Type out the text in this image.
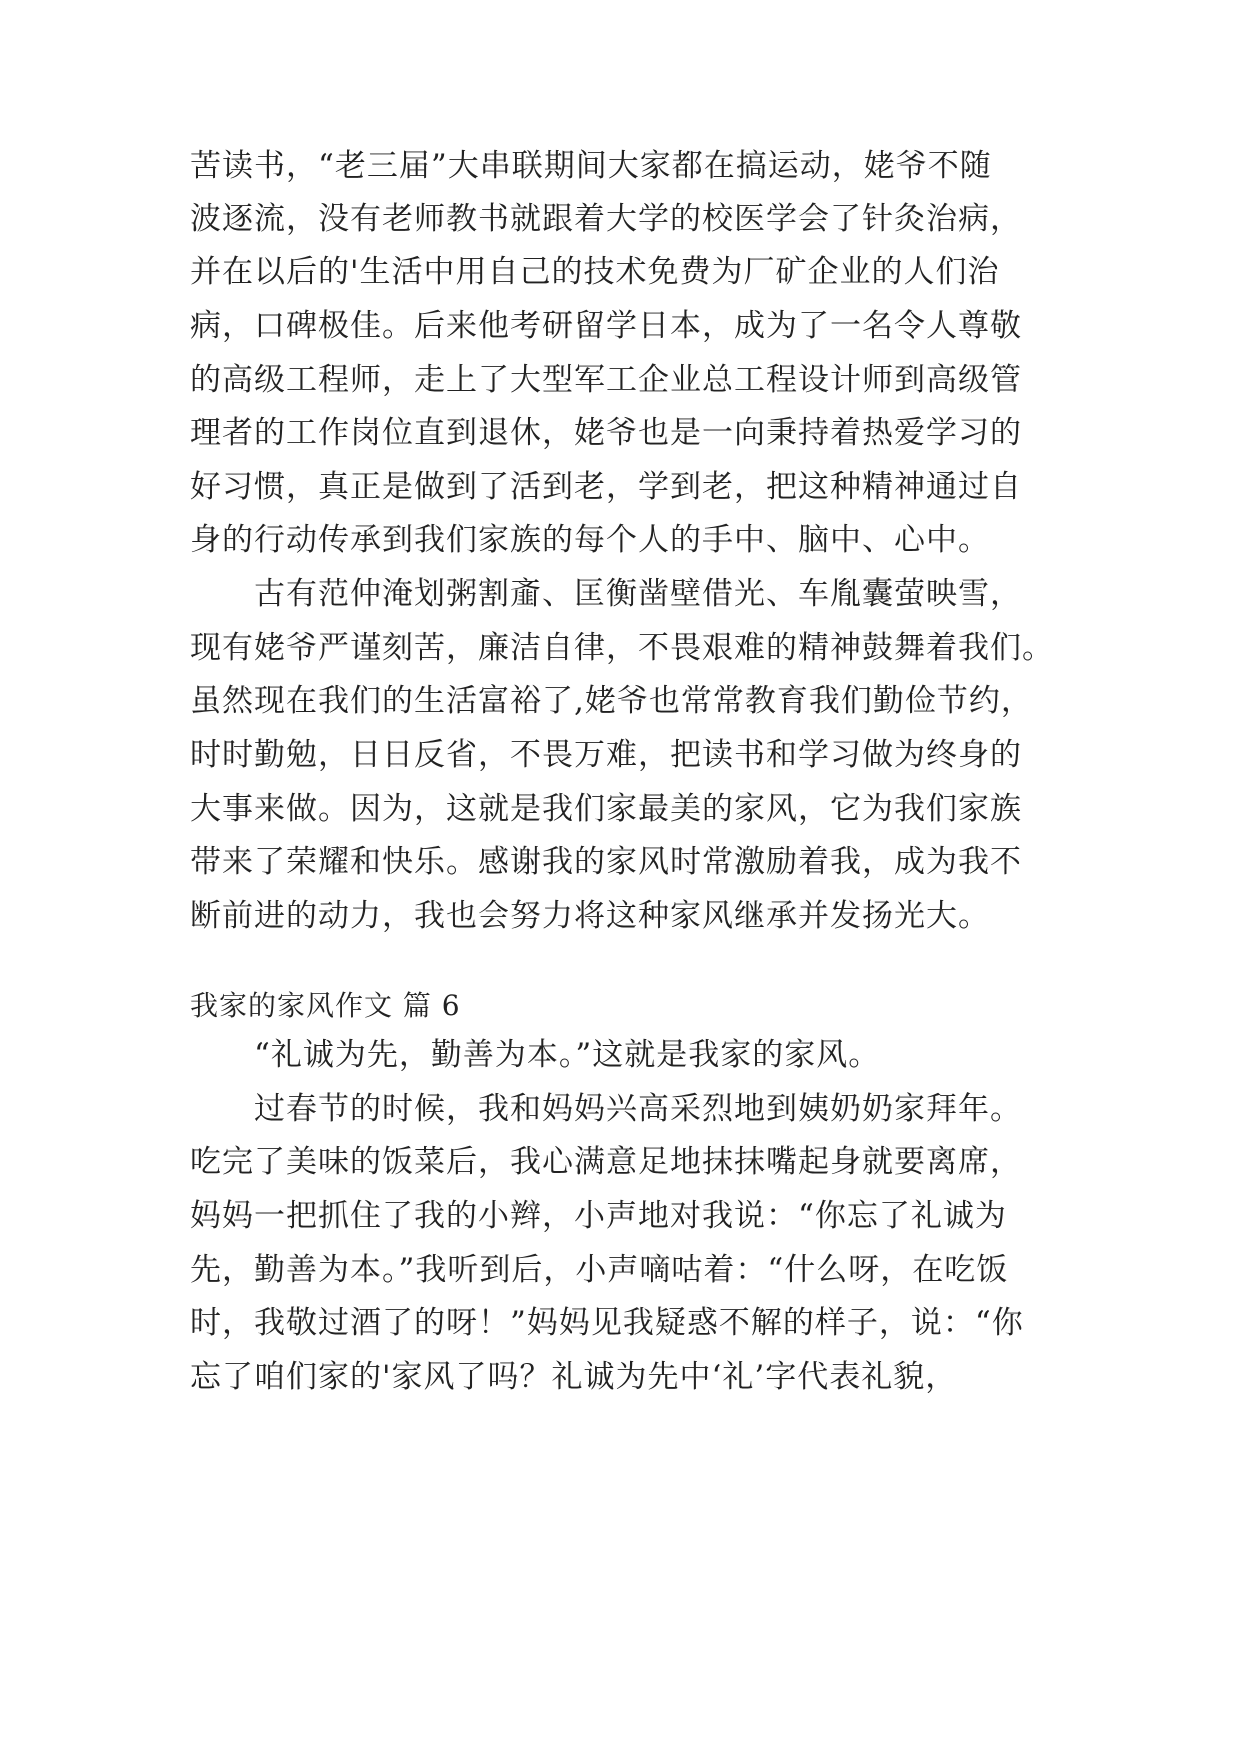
苦读书，“老三届”大串联期间大家都在搞运动，姥爷不随
波逐流，没有老师教书就跟着大学的校医学会了针灸治病，
并在以后的'生活中用自己的技术免费为厂矿企业的人们治
病，口碑极佳。后来他考研留学日本，成为了一名令人尊敬
的高级工程师，走上了大型军工企业总工程设计师到高级管
理者的工作岗位直到退休，姥爷也是一向秉持着热爱学习的
好习惯，真正是做到了活到老，学到老，把这种精神通过自
身的行动传承到我们家族的每个人的手中、脑中、心中。
　　古有范仲淹划粥割齑、匡衡凿壁借光、车胤囊萤映雪，
现有姥爷严谨刻苦，廉洁自律，不畏艰难的精神鼓舞着我们。
虽然现在我们的生活富裕了,姥爷也常常教育我们勤俭节约，
时时勤勉，日日反省，不畏万难，把读书和学习做为终身的
大事来做。因为，这就是我们家最美的家风，它为我们家族
带来了荣耀和快乐。感谢我的家风时常激励着我，成为我不
断前进的动力，我也会努力将这种家风继承并发扬光大。
我家的家风作文 篇 6
　　“礼诚为先，勤善为本。”这就是我家的家风。
　　过春节的时候，我和妈妈兴高采烈地到姨奶奶家拜年。
吃完了美味的饭菜后，我心满意足地抹抹嘴起身就要离席，
妈妈一把抓住了我的小辫，小声地对我说：“你忘了礼诚为
先，勤善为本。”我听到后，小声嘀咕着：“什么呀，在吃饭
时，我敬过酒了的呀！”妈妈见我疑惑不解的样子，说：“你
忘了咱们家的'家风了吗？礼诚为先中‘礼’字代表礼貌，
